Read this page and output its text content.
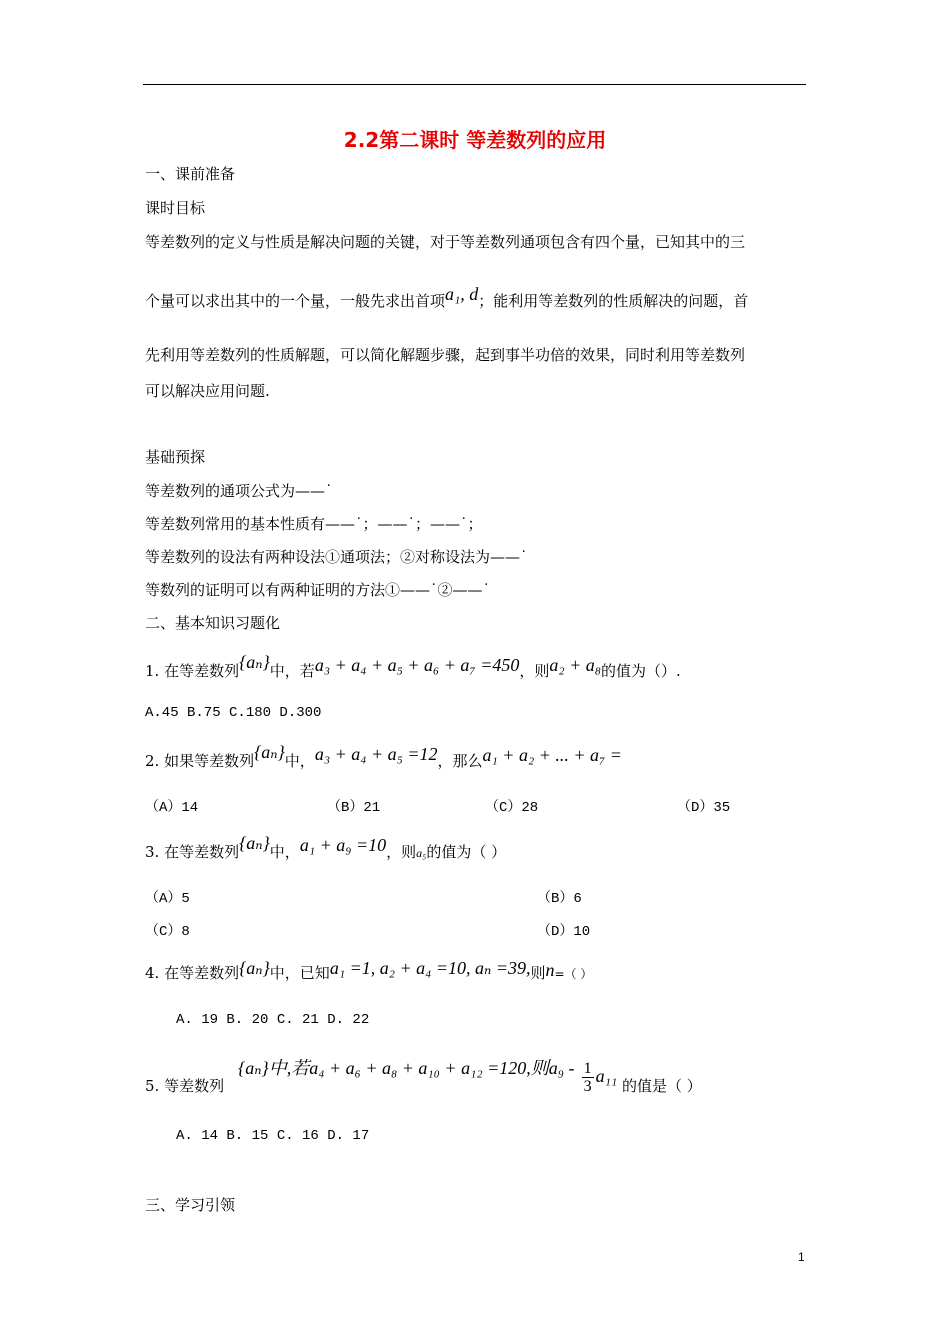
2.2第二课时 等差数列的应用
一、课前准备
课时目标
等差数列的定义与性质是解决问题的关键，对于等差数列通项包含有四个量，已知其中的三
个量可以求出其中的一个量，一般先求出首项a₁, d；能利用等差数列的性质解决的问题，首
先利用等差数列的性质解题，可以简化解题步骤，起到事半功倍的效果，同时利用等差数列
可以解决应用问题.
基础预探
等差数列的通项公式为——˙
等差数列常用的基本性质有——˙；——˙；——˙；
等差数列的设法有两种设法①通项法；②对称设法为——˙
等数列的证明可以有两种证明的方法①——˙②——˙
二、基本知识习题化
1. 在等差数列{aₙ}中，若a₃ + a₄ + a₅ + a₆ + a₇ =450，则a₂ + a₈的值为（）.
A.45 B.75 C.180 D.300
2. 如果等差数列{aₙ}中，a₃ + a₄ + a₅ =12，那么a₁ + a₂ + ... + a₇ =
（A）14	（B）21	（C）28	（D）35
3. 在等差数列{aₙ}中，a₁ + a₉ =10，则a₅的值为（ ）
（A）5	（B）6
（C）8	（D）10
4. 在等差数列{aₙ}中，已知a₁ =1, a₂ + a₄ =10, aₙ =39,则n=（ ）
A. 19 B. 20 C. 21 D. 22
5. 等差数列
{aₙ}中,若a₄ + a₆ + a₈ + a₁₀ + a₁₂ =120,则$a_9 - \frac{1}{3} a_{11}$ 的值是（ ）
A. 14 B. 15 C. 16 D. 17
三、学习引领
1
